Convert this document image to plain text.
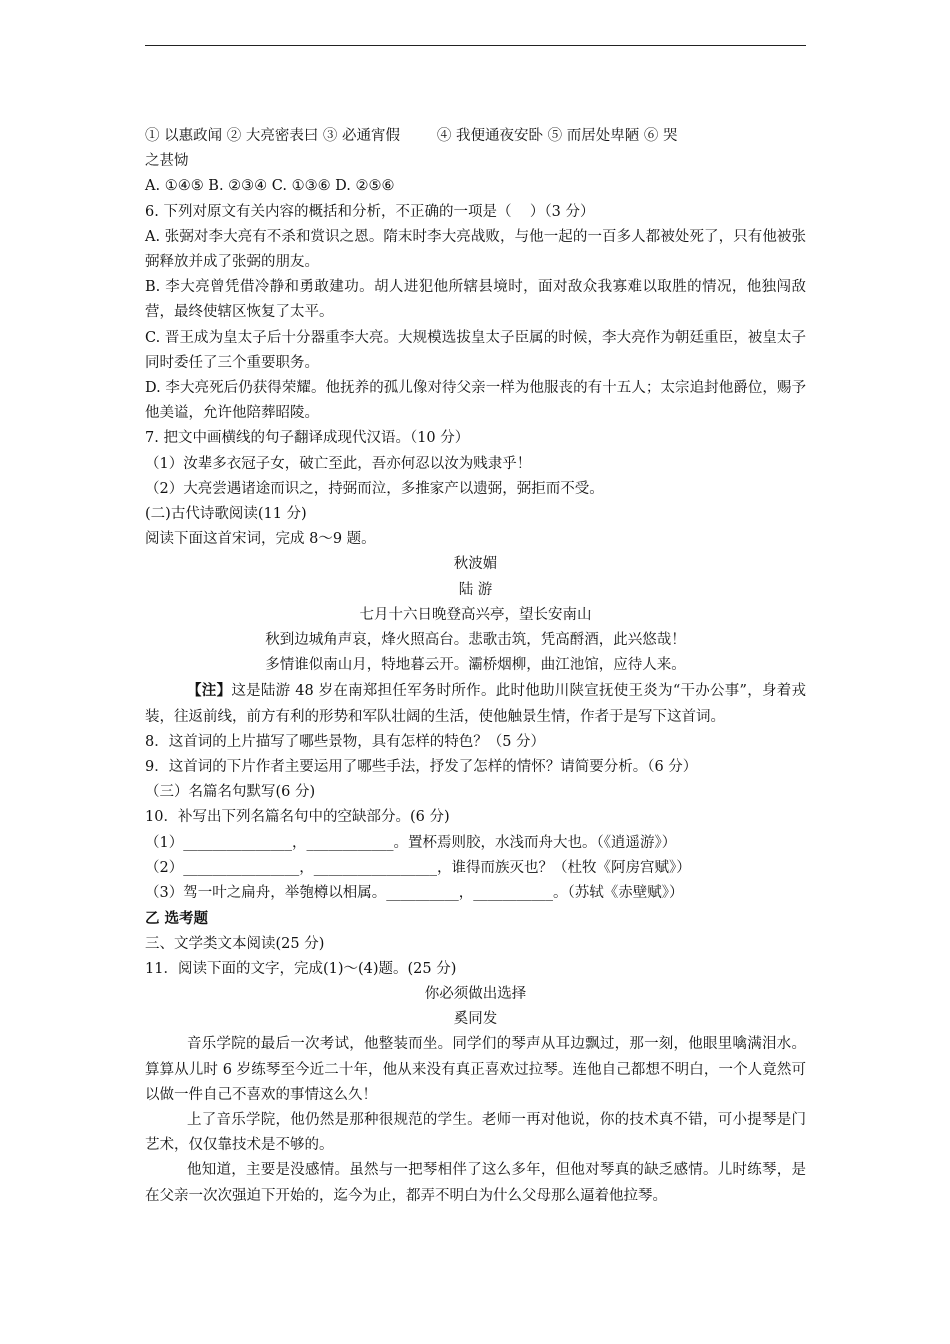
① 以惠政闻 ② 大亮密表曰 ③ 必通宵假        ④ 我便通夜安卧 ⑤ 而居处卑陋 ⑥ 哭

之甚恸

A. ①④⑤ B. ②③④ C. ①③⑥ D. ②⑤⑥

6. 下列对原文有关内容的概括和分析，不正确的一项是（    ）（3 分）

A. 张弼对李大亮有不杀和赏识之恩。隋末时李大亮战败，与他一起的一百多人都被处死了，只有他被张弼释放并成了张弼的朋友。

B. 李大亮曾凭借冷静和勇敢建功。胡人进犯他所辖县境时，面对敌众我寡难以取胜的情况，他独闯敌营，最终使辖区恢复了太平。

C. 晋王成为皇太子后十分器重李大亮。大规模选拔皇太子臣属的时候，李大亮作为朝廷重臣，被皇太子同时委任了三个重要职务。

D. 李大亮死后仍获得荣耀。他抚养的孤儿像对待父亲一样为他服丧的有十五人；太宗追封他爵位，赐予他美谥，允许他陪葬昭陵。

7. 把文中画横线的句子翻译成现代汉语。（10 分）

（1）汝辈多衣冠子女，破亡至此，吾亦何忍以汝为贱隶乎！

（2）大亮尝遇诸途而识之，持弼而泣，多推家产以遗弼，弼拒而不受。

(二)古代诗歌阅读(11 分)

阅读下面这首宋词，完成 8～9 题。

秋波媚

陆 游

七月十六日晚登高兴亭，望长安南山

秋到边城角声哀，烽火照高台。悲歌击筑，凭高酹酒，此兴悠哉！

多情谁似南山月，特地暮云开。灞桥烟柳，曲江池馆，应待人来。

【注】这是陆游 48 岁在南郑担任军务时所作。此时他助川陕宣抚使王炎为“干办公事”，身着戎装，往返前线，前方有利的形势和军队壮阔的生活，使他触景生情，作者于是写下这首词。

8．这首词的上片描写了哪些景物，具有怎样的特色？（5 分）

9．这首词的下片作者主要运用了哪些手法，抒发了怎样的情怀？请简要分析。（6 分）

（三）名篇名句默写(6 分)

10．补写出下列名篇名句中的空缺部分。(6 分)

（1）_______________，____________。置杯焉则胶，水浅而舟大也。（《逍遥游》）

（2）________________，_________________，谁得而族灭也？（杜牧《阿房宫赋》）

（3）驾一叶之扁舟，举匏樽以相属。__________，___________。（苏轼《赤壁赋》）

乙 选考题

三、文学类文本阅读(25 分)

11．阅读下面的文字，完成(1)～(4)题。(25 分)

你必须做出选择

奚同发

音乐学院的最后一次考试，他整装而坐。同学们的琴声从耳边飘过，那一刻，他眼里噙满泪水。算算从儿时 6 岁练琴至今近二十年，他从来没有真正喜欢过拉琴。连他自己都想不明白，一个人竟然可以做一件自己不喜欢的事情这么久！

上了音乐学院，他仍然是那种很规范的学生。老师一再对他说，你的技术真不错，可小提琴是门艺术，仅仅靠技术是不够的。

他知道，主要是没感情。虽然与一把琴相伴了这么多年，但他对琴真的缺乏感情。儿时练琴，是在父亲一次次强迫下开始的，迄今为止，都弄不明白为什么父母那么逼着他拉琴。
